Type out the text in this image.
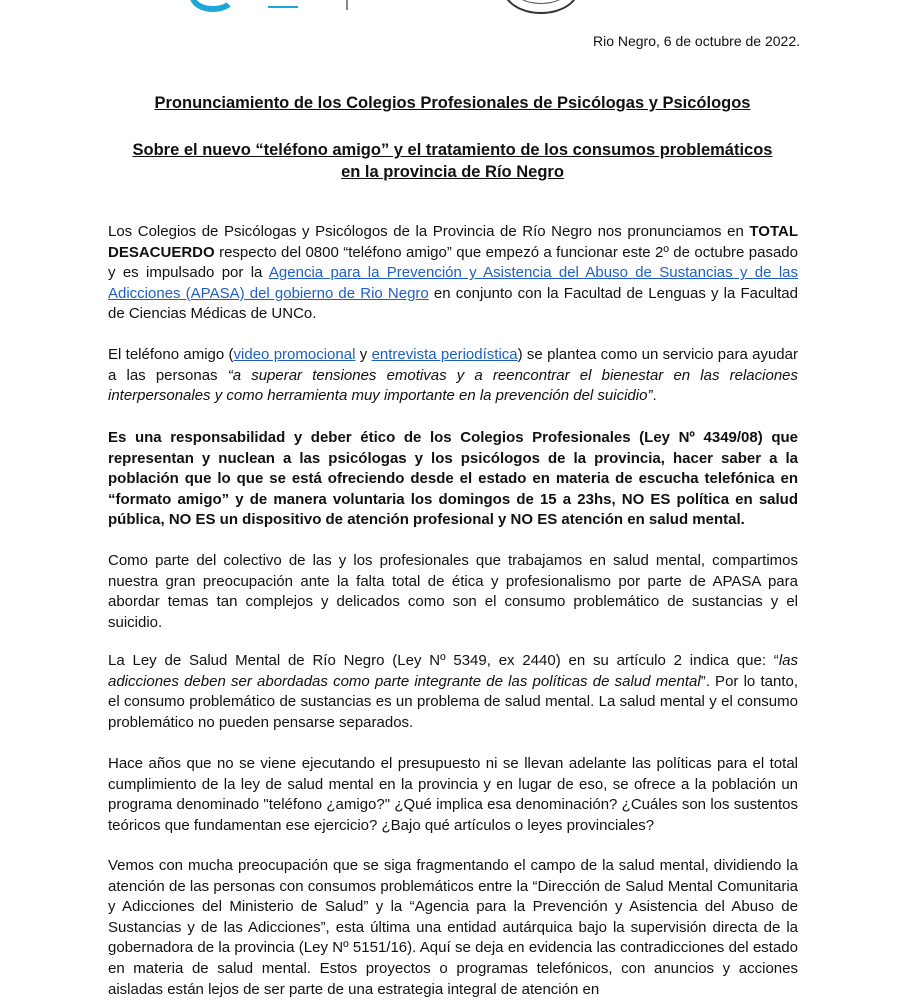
Rio Negro, 6 de octubre de 2022.
Pronunciamiento de los Colegios Profesionales de Psicólogas y Psicólogos
Sobre el nuevo “teléfono amigo” y el tratamiento de los consumos problemáticos
en la provincia de Río Negro

Los Colegios de Psicólogas y Psicólogos de la Provincia de Río Negro nos pronunciamos en TOTAL DESACUERDO respecto del 0800 “teléfono amigo” que empezó a funcionar este 2º de octubre pasado y es impulsado por la Agencia para la Prevención y Asistencia del Abuso de Sustancias y de las Adicciones (APASA) del gobierno de Rio Negro en conjunto con la Facultad de Lenguas y la Facultad de Ciencias Médicas de UNCo.

El teléfono amigo (video promocional y entrevista periodística) se plantea como un servicio para ayudar a las personas “a superar tensiones emotivas y a reencontrar el bienestar en las relaciones interpersonales y como herramienta muy importante en la prevención del suicidio”.

Es una responsabilidad y deber ético de los Colegios Profesionales (Ley Nº 4349/08) que representan y nuclean a las psicólogas y los psicólogos de la provincia, hacer saber a la población que lo que se está ofreciendo desde el estado en materia de escucha telefónica en “formato amigo” y de manera voluntaria los domingos de 15 a 23hs, NO ES política en salud pública, NO ES un dispositivo de atención profesional y NO ES atención en salud mental.

Como parte del colectivo de las y los profesionales que trabajamos en salud mental, compartimos nuestra gran preocupación ante la falta total de ética y profesionalismo por parte de APASA para abordar temas tan complejos y delicados como son el consumo problemático de sustancias y el suicidio.

La Ley de Salud Mental de Río Negro (Ley Nº 5349, ex 2440) en su artículo 2 indica que: “las adicciones deben ser abordadas como parte integrante de las políticas de salud mental”. Por lo tanto, el consumo problemático de sustancias es un problema de salud mental. La salud mental y el consumo problemático no pueden pensarse separados.

Hace años que no se viene ejecutando el presupuesto ni se llevan adelante las políticas para el total cumplimiento de la ley de salud mental en la provincia y en lugar de eso, se ofrece a la población un programa denominado "teléfono ¿amigo?" ¿Qué implica esa denominación? ¿Cuáles son los sustentos teóricos que fundamentan ese ejercicio? ¿Bajo qué artículos o leyes provinciales?

Vemos con mucha preocupación que se siga fragmentando el campo de la salud mental, dividiendo la atención de las personas con consumos problemáticos entre la “Dirección de Salud Mental Comunitaria y Adicciones del Ministerio de Salud” y la “Agencia para la Prevención y Asistencia del Abuso de Sustancias y de las Adicciones”, esta última una entidad autárquica bajo la supervisión directa de la gobernadora de la provincia (Ley Nº 5151/16). Aquí se deja en evidencia las contradicciones del estado en materia de salud mental. Estos proyectos o programas telefónicos, con anuncios y acciones aisladas están lejos de ser parte de una estrategia integral de atención en
